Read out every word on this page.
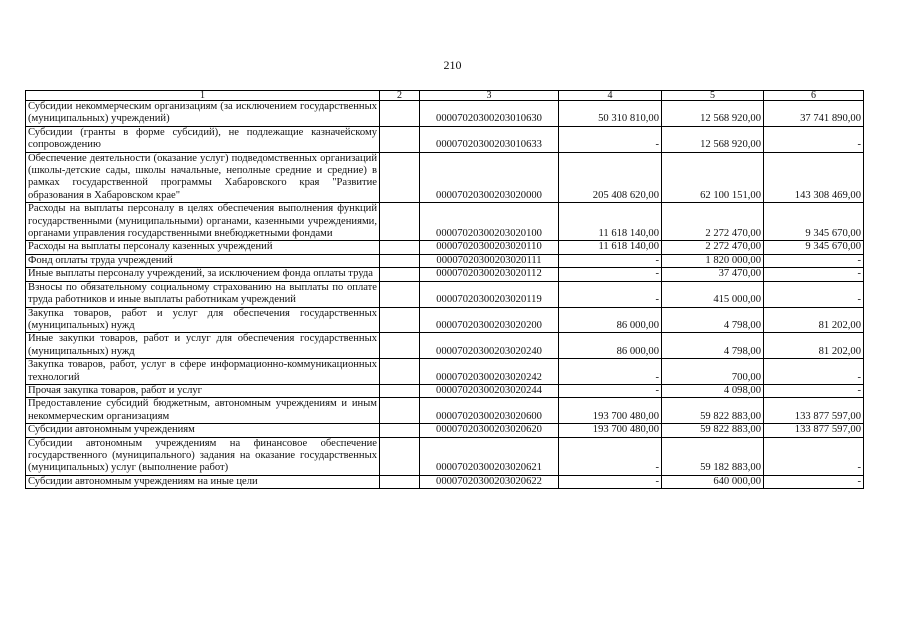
210
1	2	3	4	5	6
Субсидии некоммерческим организациям (за исключением государственных (муниципальных) учреждений)		00007020300203010630	50 310 810,00	12 568 920,00	37 741 890,00
Субсидии (гранты в форме субсидий), не подлежащие казначейскому сопровождению		00007020300203010633	-	12 568 920,00	-
Обеспечение деятельности (оказание услуг) подведомственных организаций (школы-детские сады, школы начальные, неполные средние и средние) в рамках государственной программы Хабаровского края "Развитие образования в Хабаровском крае"		00007020300203020000	205 408 620,00	62 100 151,00	143 308 469,00
Расходы на выплаты персоналу в целях обеспечения выполнения функций государственными (муниципальными) органами, казенными учреждениями, органами управления государственными внебюджетными фондами		00007020300203020100	11 618 140,00	2 272 470,00	9 345 670,00
Расходы на выплаты персоналу казенных учреждений		00007020300203020110	11 618 140,00	2 272 470,00	9 345 670,00
Фонд оплаты труда учреждений		00007020300203020111	-	1 820 000,00	-
Иные выплаты персоналу учреждений, за исключением фонда оплаты труда		00007020300203020112	-	37 470,00	-
Взносы по обязательному социальному страхованию на выплаты по оплате труда работников и иные выплаты работникам учреждений		00007020300203020119	-	415 000,00	-
Закупка товаров, работ и услуг для обеспечения государственных (муниципальных) нужд		00007020300203020200	86 000,00	4 798,00	81 202,00
Иные закупки товаров, работ и услуг для обеспечения государственных (муниципальных) нужд		00007020300203020240	86 000,00	4 798,00	81 202,00
Закупка товаров, работ, услуг в сфере информационно-коммуникационных технологий		00007020300203020242	-	700,00	-
Прочая закупка товаров, работ и услуг		00007020300203020244	-	4 098,00	-
Предоставление субсидий бюджетным, автономным учреждениям и иным некоммерческим организациям		00007020300203020600	193 700 480,00	59 822 883,00	133 877 597,00
Субсидии автономным учреждениям		00007020300203020620	193 700 480,00	59 822 883,00	133 877 597,00
Субсидии автономным учреждениям на финансовое обеспечение государственного (муниципального) задания на оказание государственных (муниципальных) услуг (выполнение работ)		00007020300203020621	-	59 182 883,00	-
Субсидии автономным учреждениям на иные цели		00007020300203020622	-	640 000,00	-
